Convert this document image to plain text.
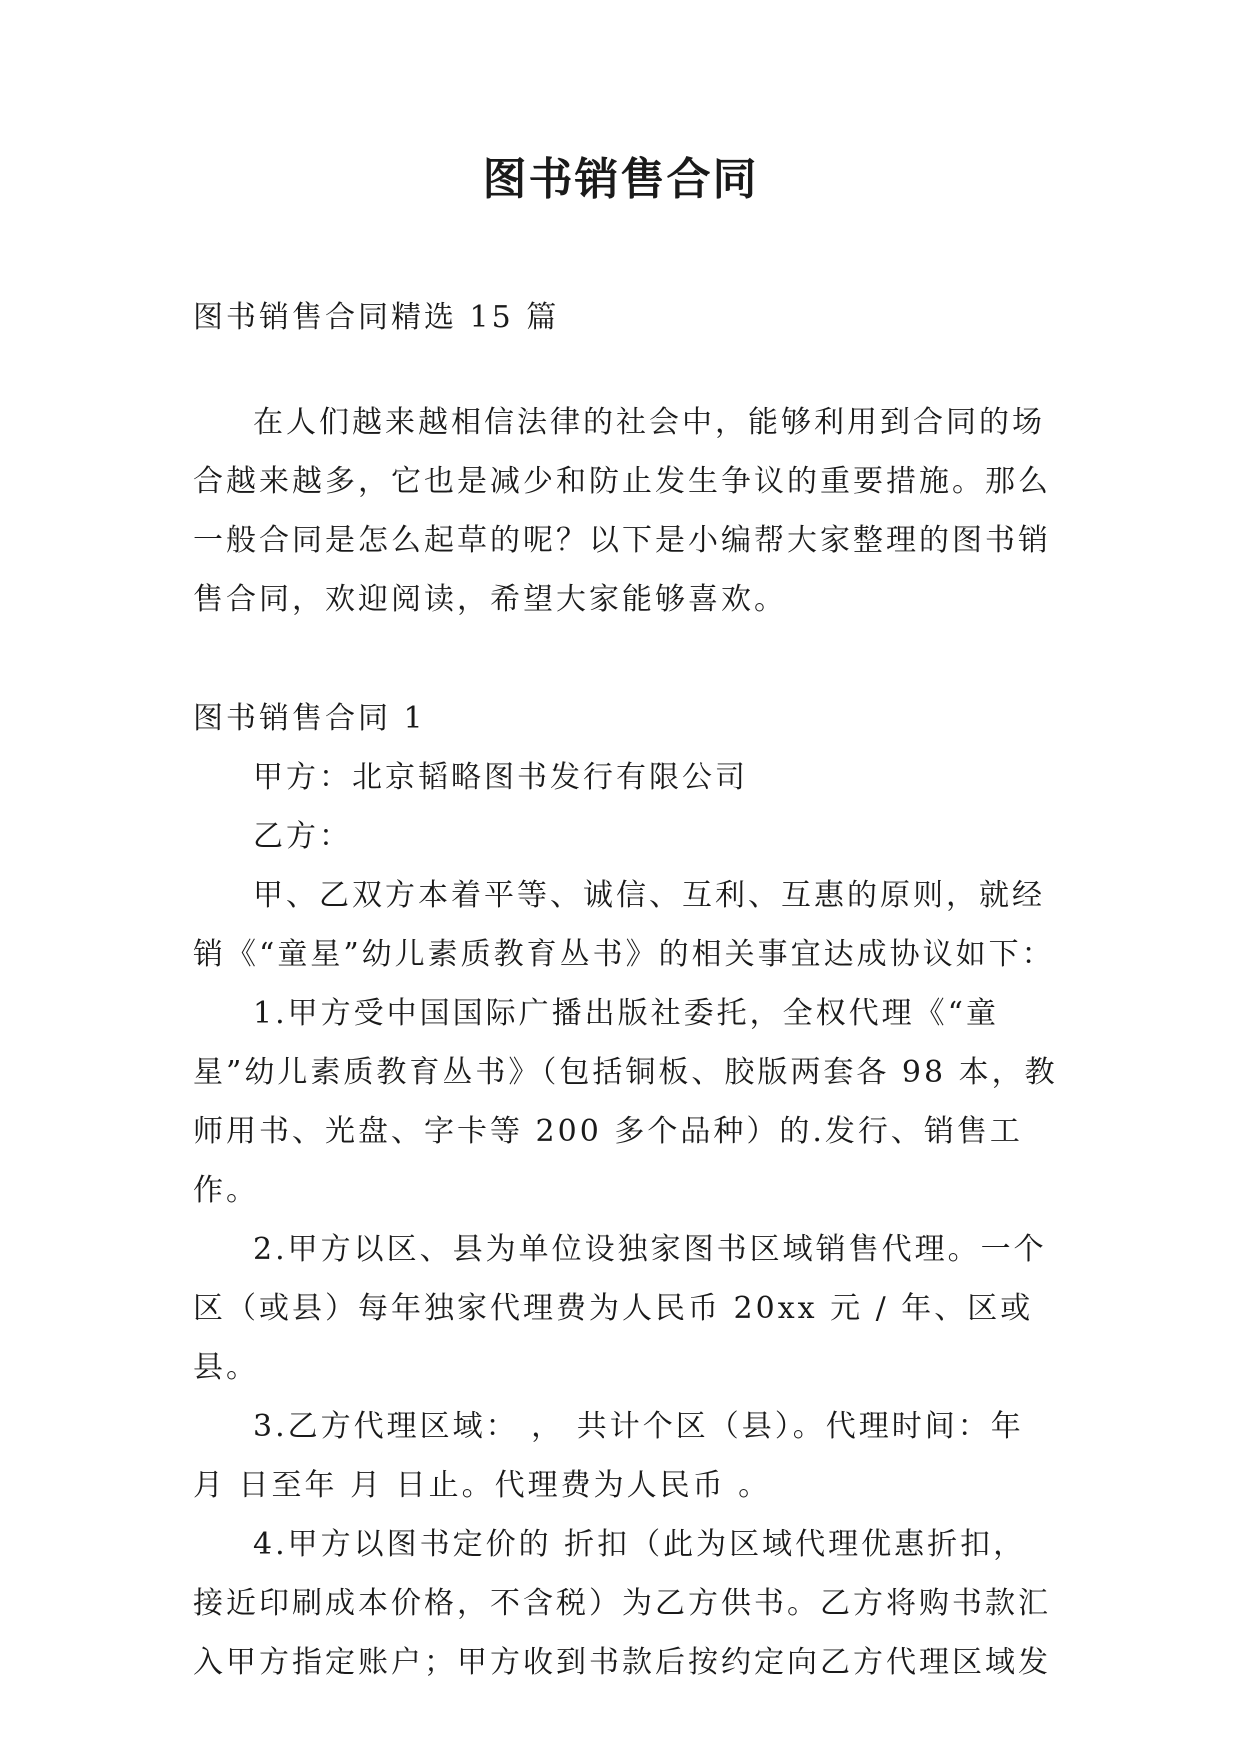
图书销售合同

图书销售合同精选 15 篇

在人们越来越相信法律的社会中，能够利用到合同的场合越来越多，它也是减少和防止发生争议的重要措施。那么一般合同是怎么起草的呢？以下是小编帮大家整理的图书销售合同，欢迎阅读，希望大家能够喜欢。

图书销售合同 1

甲方：北京韬略图书发行有限公司

乙方：

甲、乙双方本着平等、诚信、互利、互惠的原则，就经销《“童星”幼儿素质教育丛书》的相关事宜达成协议如下：

1.甲方受中国国际广播出版社委托，全权代理《“童星”幼儿素质教育丛书》（包括铜板、胶版两套各 98 本，教师用书、光盘、字卡等 200 多个品种）的.发行、销售工作。

2.甲方以区、县为单位设独家图书区域销售代理。一个区（或县）每年独家代理费为人民币 20xx 元 / 年、区或县。

3.乙方代理区域： ， 共计个区（县）。代理时间：年 月 日至年 月 日止。代理费为人民币 。

4.甲方以图书定价的 折扣（此为区域代理优惠折扣，接近印刷成本价格，不含税）为乙方供书。乙方将购书款汇入甲方指定账户；甲方收到书款后按约定向乙方代理区域发
